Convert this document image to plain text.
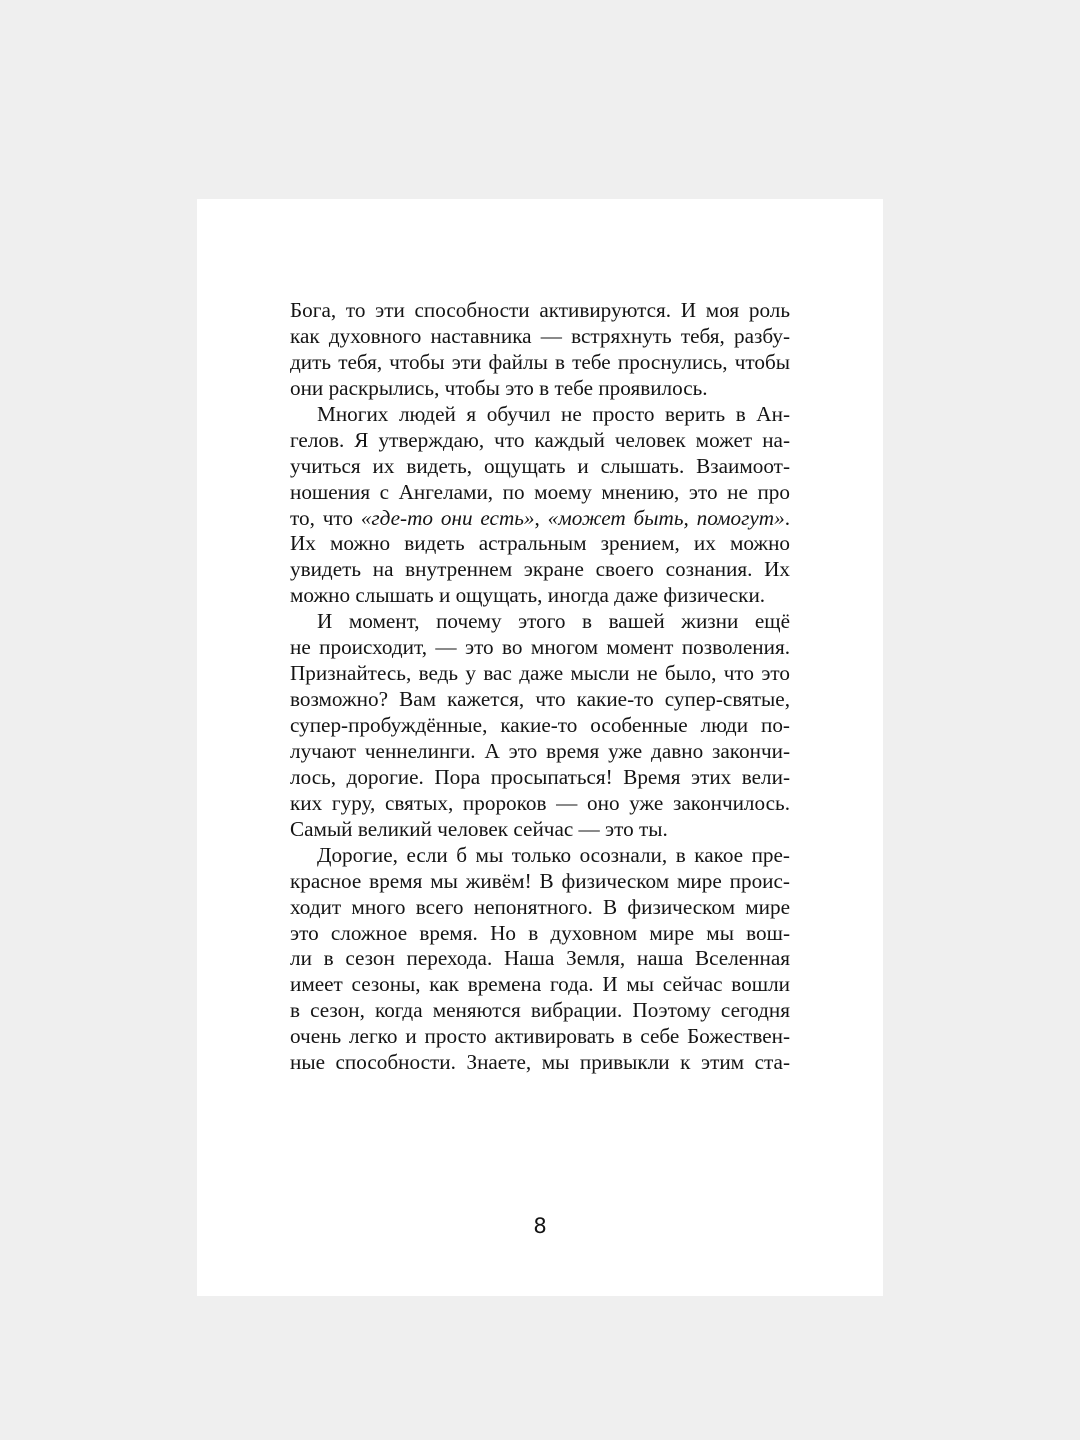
Бога, то эти способности активируются. И моя роль
как духовного наставника — встряхнуть тебя, разбу-
дить тебя, чтобы эти файлы в тебе проснулись, чтобы
они раскрылись, чтобы это в тебе проявилось.
Многих людей я обучил не просто верить в Ан-
гелов. Я утверждаю, что каждый человек может на-
учиться их видеть, ощущать и слышать. Взаимоот-
ношения с Ангелами, по моему мнению, это не про
то, что «где-то они есть», «может быть, помогут».
Их можно видеть астральным зрением, их можно
увидеть на внутреннем экране своего сознания. Их
можно слышать и ощущать, иногда даже физически.
И момент, почему этого в вашей жизни ещё
не происходит, — это во многом момент позволения.
Признайтесь, ведь у вас даже мысли не было, что это
возможно? Вам кажется, что какие-то супер-святые,
супер-пробуждённые, какие-то особенные люди по-
лучают ченнелинги. А это время уже давно закончи-
лось, дорогие. Пора просыпаться! Время этих вели-
ких гуру, святых, пророков — оно уже закончилось.
Самый великий человек сейчас — это ты.
Дорогие, если б мы только осознали, в какое пре-
красное время мы живём! В физическом мире проис-
ходит много всего непонятного. В физическом мире
это сложное время. Но в духовном мире мы вош-
ли в сезон перехода. Наша Земля, наша Вселенная
имеет сезоны, как времена года. И мы сейчас вошли
в сезон, когда меняются вибрации. Поэтому сегодня
очень легко и просто активировать в себе Божествен-
ные способности. Знаете, мы привыкли к этим ста-
8
